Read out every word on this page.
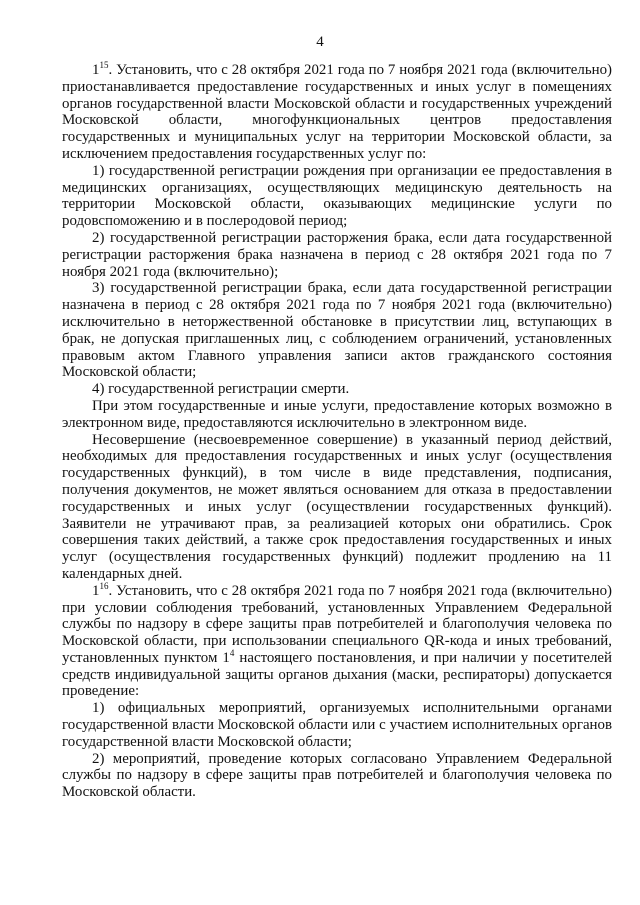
4

$1^{15}$. Установить, что с 28 октября 2021 года по 7 ноября 2021 года (включительно) приостанавливается предоставление государственных и иных услуг в помещениях органов государственной власти Московской области и государственных учреждений Московской области, многофункциональных центров предоставления государственных и муниципальных услуг на территории Московской области, за исключением предоставления государственных услуг по:

1) государственной регистрации рождения при организации ее предоставления в медицинских организациях, осуществляющих медицинскую деятельность на территории Московской области, оказывающих медицинские услуги по родовспоможению и в послеродовой период;

2) государственной регистрации расторжения брака, если дата государственной регистрации расторжения брака назначена в период с 28 октября 2021 года по 7 ноября 2021 года (включительно);

3) государственной регистрации брака, если дата государственной регистрации назначена в период с 28 октября 2021 года по 7 ноября 2021 года (включительно) исключительно в неторжественной обстановке в присутствии лиц, вступающих в брак, не допуская приглашенных лиц, с соблюдением ограничений, установленных правовым актом Главного управления записи актов гражданского состояния Московской области;

4) государственной регистрации смерти.

При этом государственные и иные услуги, предоставление которых возможно в электронном виде, предоставляются исключительно в электронном виде.

Несовершение (несвоевременное совершение) в указанный период действий, необходимых для предоставления государственных и иных услуг (осуществления государственных функций), в том числе в виде представления, подписания, получения документов, не может являться основанием для отказа в предоставлении государственных и иных услуг (осуществлении государственных функций). Заявители не утрачивают прав, за реализацией которых они обратились. Срок совершения таких действий, а также срок предоставления государственных и иных услуг (осуществления государственных функций) подлежит продлению на 11 календарных дней.

$1^{16}$. Установить, что с 28 октября 2021 года по 7 ноября 2021 года (включительно) при условии соблюдения требований, установленных Управлением Федеральной службы по надзору в сфере защиты прав потребителей и благополучия человека по Московской области, при использовании специального QR-кода и иных требований, установленных пунктом $1^4$ настоящего постановления, и при наличии у посетителей средств индивидуальной защиты органов дыхания (маски, респираторы) допускается проведение:

1) официальных мероприятий, организуемых исполнительными органами государственной власти Московской области или с участием исполнительных органов государственной власти Московской области;

2) мероприятий, проведение которых согласовано Управлением Федеральной службы по надзору в сфере защиты прав потребителей и благополучия человека по Московской области.
